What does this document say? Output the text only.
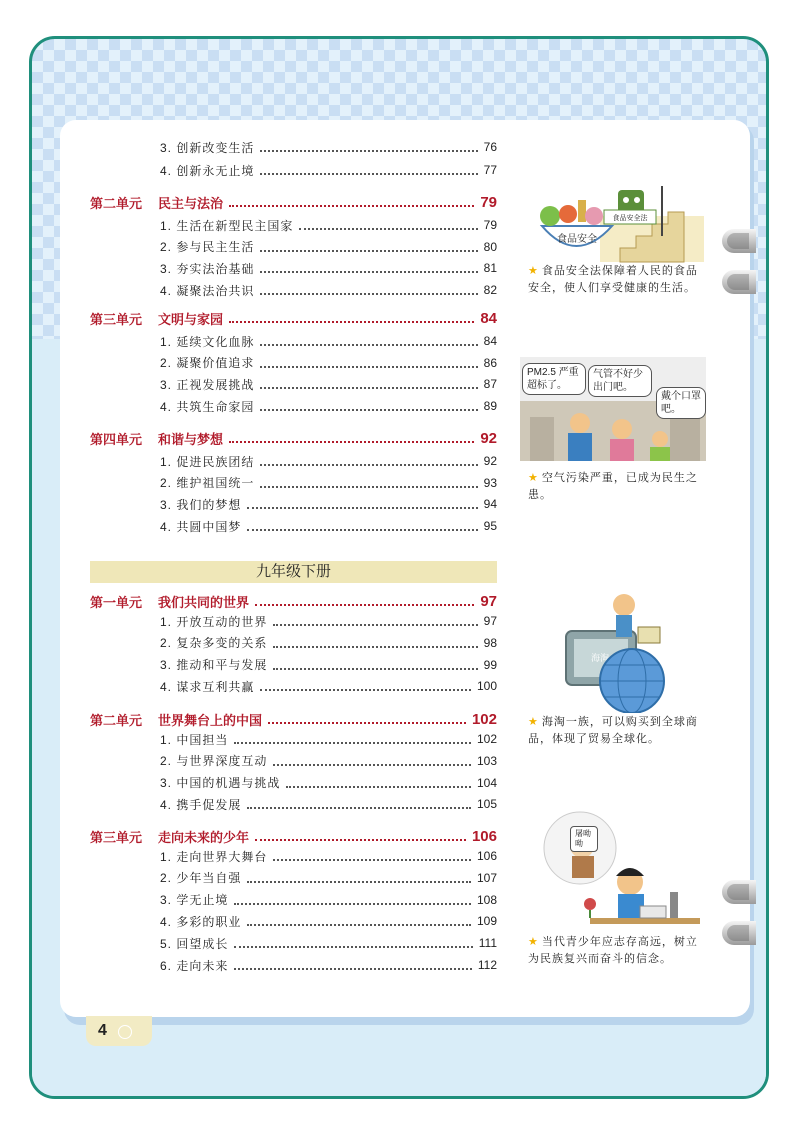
3. 创新改变生活	76
4. 创新永无止境	77
第二单元	民主与法治	79
1. 生活在新型民主国家	79
2. 参与民主生活	80
3. 夯实法治基础	81
4. 凝聚法治共识	82
第三单元	文明与家园	84
1. 延续文化血脉	84
2. 凝聚价值追求	86
3. 正视发展挑战	87
4. 共筑生命家园	89
第四单元	和谐与梦想	92
1. 促进民族团结	92
2. 维护祖国统一	93
3. 我们的梦想	94
4. 共圆中国梦	95
第一单元	我们共同的世界	97
1. 开放互动的世界	97
2. 复杂多变的关系	98
3. 推动和平与发展	99
4. 谋求互利共赢	100
第二单元	世界舞台上的中国	102
1. 中国担当	102
2. 与世界深度互动	103
3. 中国的机遇与挑战	104
4. 携手促发展	105
第三单元	走向未来的少年	106
1. 走向世界大舞台	106
2. 少年当自强	107
3. 学无止境	108
4. 多彩的职业	109
5. 回望成长	111
6. 走向未来	112
九年级下册
食品安全法
食品安全
★ 食品安全法保障着人民的食品安全，使人们享受健康的生活。
PM2.5 严重超标了。
气管不好少出门吧。
戴个口罩吧。
★ 空气污染严重，已成为民生之患。
海淘
★ 海淘一族，可以购买到全球商品，体现了贸易全球化。
屠呦呦
★ 当代青少年应志存高远，树立为民族复兴而奋斗的信念。
4
